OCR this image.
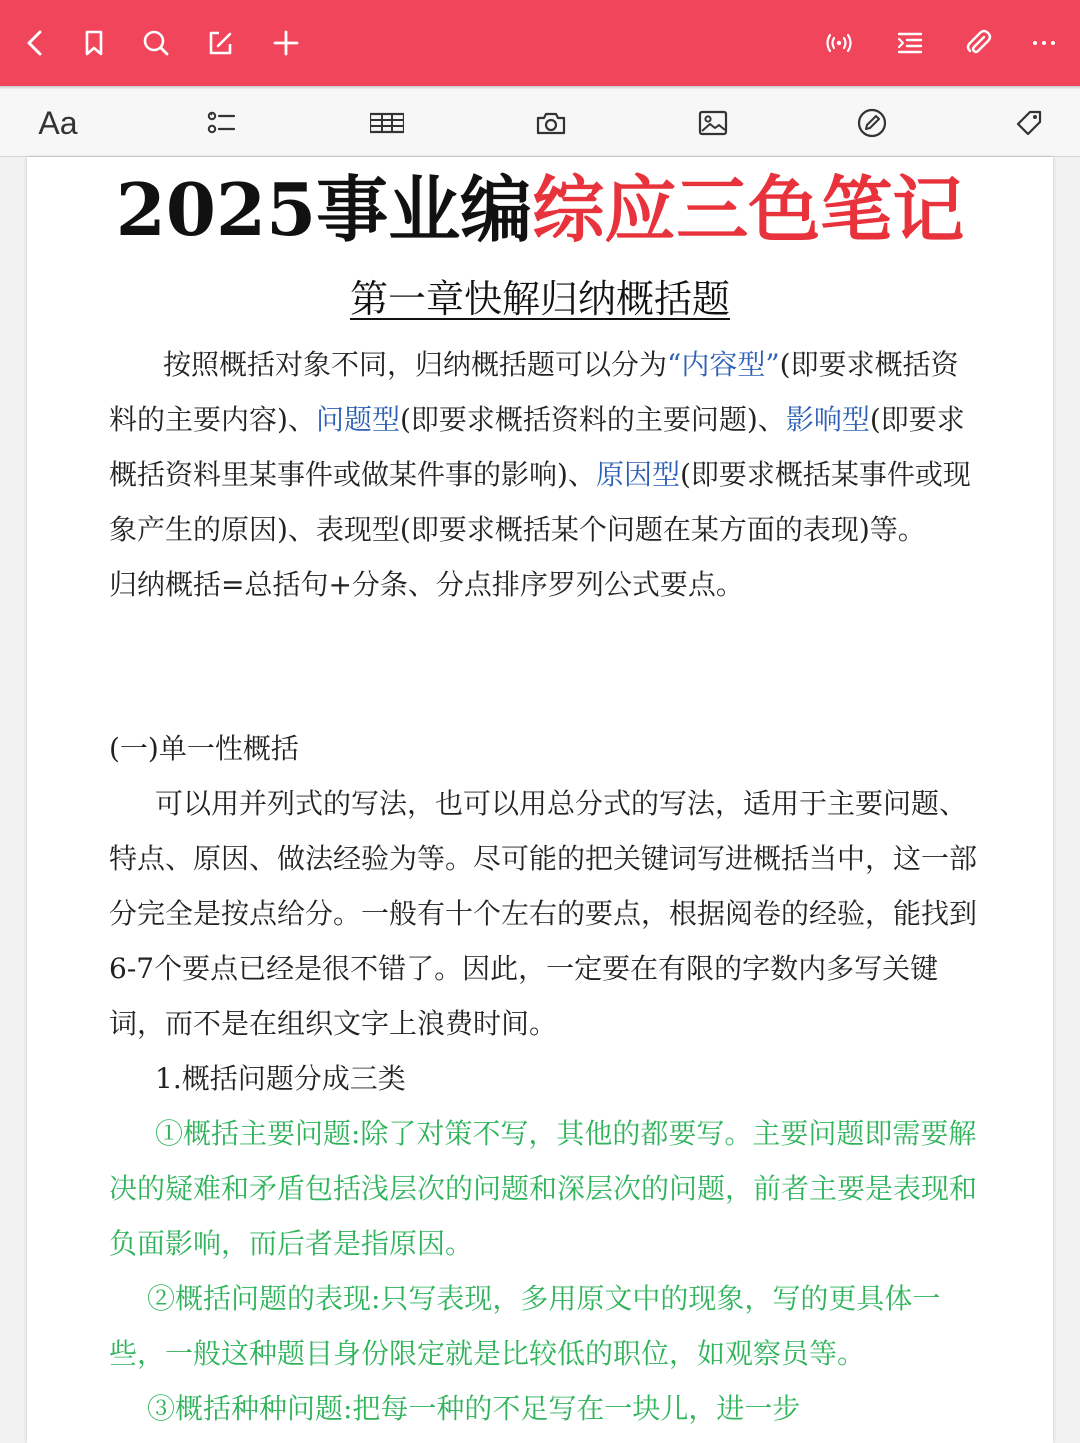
Aa
2025事业编综应三色笔记
第一章快解归纳概括题

按照概括对象不同，归纳概括题可以分为“内容型”(即要求概括资料的主要内容)、问题型(即要求概括资料的主要问题)、影响型(即要求概括资料里某事件或做某件事的影响)、原因型(即要求概括某事件或现象产生的原因)、表现型(即要求概括某个问题在某方面的表现)等。

归纳概括=总括句+分条、分点排序罗列公式要点。

(一)单一性概括

可以用并列式的写法，也可以用总分式的写法，适用于主要问题、特点、原因、做法经验为等。尽可能的把关键词写进概括当中，这一部分完全是按点给分。一般有十个左右的要点，根据阅卷的经验，能找到6-7个要点已经是很不错了。因此，一定要在有限的字数内多写关键词，而不是在组织文字上浪费时间。

1.概括问题分成三类

①概括主要问题:除了对策不写，其他的都要写。主要问题即需要解决的疑难和矛盾包括浅层次的问题和深层次的问题，前者主要是表现和负面影响，而后者是指原因。

②概括问题的表现:只写表现，多用原文中的现象，写的更具体一些，一般这种题目身份限定就是比较低的职位，如观察员等。

③概括种种问题:把每一种的不足写在一块儿，进一步
